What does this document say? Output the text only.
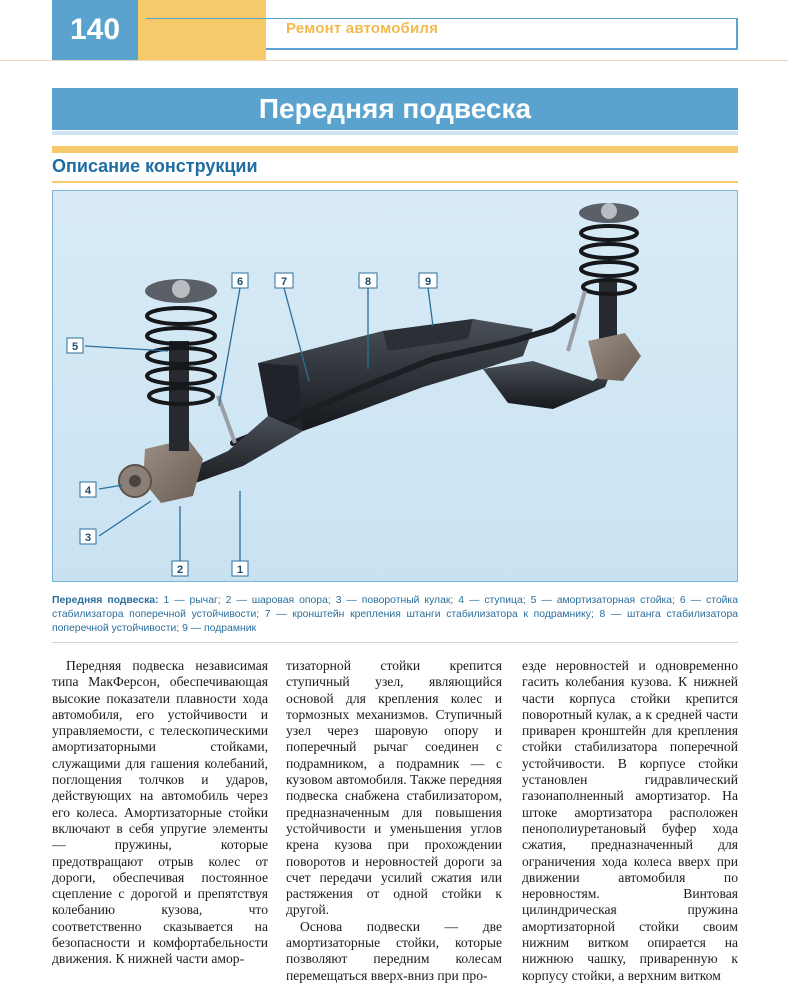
140	Ремонт автомобиля
Передняя подвеска
Описание конструкции
1
2
3
4
5
6	7	8	9
Передняя подвеска: 1 — рычаг; 2 — шаровая опора; 3 — поворотный кулак; 4 — ступица; 5 — амортизаторная стойка; 6 — стойка стабилизатора поперечной устойчивости; 7 — кронштейн крепления штанги стабилизатора к подрамнику; 8 — штанга стабилизатора поперечной устойчивости; 9 — подрамник

Передняя подвеска независимая типа МакФерсон, обеспечивающая высокие показатели плавности хода автомобиля, его устойчивости и управляемости, с телескопическими амортизаторными стойками, служащими для гашения колебаний, поглощения толчков и ударов, действующих на автомобиль через его колеса. Амортизаторные стойки включают в себя упругие элементы — пружины, которые предотвращают отрыв колес от дороги, обеспечивая постоянное сцепление с дорогой и препятствуя колебанию кузова, что соответственно сказывается на безопасности и комфортабельности движения. К нижней части амор-

тизаторной стойки крепится ступичный узел, являющийся основой для крепления колес и тормозных механизмов. Ступичный узел через шаровую опору и поперечный рычаг соединен с подрамником, а подрамник — с кузовом автомобиля. Также передняя подвеска снабжена стабилизатором, предназначенным для повышения устойчивости и уменьшения углов крена кузова при прохождении поворотов и неровностей дороги за счет передачи усилий сжатия или растяжения от одной стойки к другой.

Основа подвески — две амортизаторные стойки, которые позволяют передним колесам перемещаться вверх-вниз при про-

езде неровностей и одновременно гасить колебания кузова. К нижней части корпуса стойки крепится поворотный кулак, а к средней части приварен кронштейн для крепления стойки стабилизатора поперечной устойчивости. В корпусе стойки установлен гидравлический газонаполненный амортизатор. На штоке амортизатора расположен пенополиуретановый буфер хода сжатия, предназначенный для ограничения хода колеса вверх при движении автомобиля по неровностям. Винтовая цилиндрическая пружина амортизаторной стойки своим нижним витком опирается на нижнюю чашку, приваренную к корпусу стойки, а верхним витком
